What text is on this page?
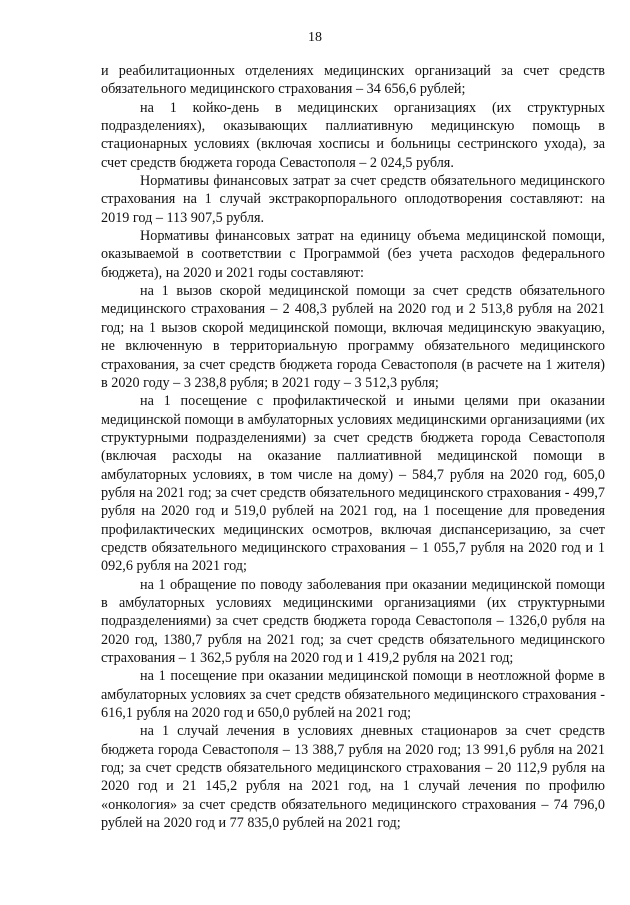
18

и реабилитационных отделениях медицинских организаций за счет средств обязательного медицинского страхования – 34 656,6 рублей;

на 1 койко-день в медицинских организациях (их структурных подразделениях), оказывающих паллиативную медицинскую помощь в стационарных условиях (включая хосписы и больницы сестринского ухода), за счет средств бюджета города Севастополя – 2 024,5 рубля.

Нормативы финансовых затрат за счет средств обязательного медицинского страхования на 1 случай экстракорпорального оплодотворения составляют: на 2019 год – 113 907,5 рубля.

Нормативы финансовых затрат на единицу объема медицинской помощи, оказываемой в соответствии с Программой (без учета расходов федерального бюджета), на 2020 и 2021 годы составляют:

на 1 вызов скорой медицинской помощи за счет средств обязательного медицинского страхования – 2 408,3 рублей на 2020 год и 2 513,8 рубля на 2021 год; на 1 вызов скорой медицинской помощи, включая медицинскую эвакуацию, не включенную в территориальную программу обязательного медицинского страхования, за счет средств бюджета города Севастополя (в расчете на 1 жителя) в 2020 году – 3 238,8 рубля; в 2021 году – 3 512,3 рубля;

на 1 посещение с профилактической и иными целями при оказании медицинской помощи в амбулаторных условиях медицинскими организациями (их структурными подразделениями) за счет средств бюджета города Севастополя (включая расходы на оказание паллиативной медицинской помощи в амбулаторных условиях, в том числе на дому) – 584,7 рубля на 2020 год, 605,0 рубля на 2021 год; за счет средств обязательного медицинского страхования - 499,7 рубля на 2020 год и 519,0 рублей на 2021 год, на 1 посещение для проведения профилактических медицинских осмотров, включая диспансеризацию, за счет средств обязательного медицинского страхования – 1 055,7 рубля на 2020 год и 1 092,6 рубля на 2021 год;

на 1 обращение по поводу заболевания при оказании медицинской помощи в амбулаторных условиях медицинскими организациями (их структурными подразделениями) за счет средств бюджета города Севастополя – 1326,0 рубля на 2020 год, 1380,7 рубля на 2021 год; за счет средств обязательного медицинского страхования – 1 362,5 рубля на 2020 год и 1 419,2 рубля на 2021 год;

на 1 посещение при оказании медицинской помощи в неотложной форме в амбулаторных условиях за счет средств обязательного медицинского страхования - 616,1 рубля на 2020 год и 650,0 рублей на 2021 год;

на 1 случай лечения в условиях дневных стационаров за счет средств бюджета города Севастополя – 13 388,7 рубля на 2020 год; 13 991,6 рубля на 2021 год; за счет средств обязательного медицинского страхования – 20 112,9 рубля на 2020 год и 21 145,2 рубля на 2021 год, на 1 случай лечения по профилю «онкология» за счет средств обязательного медицинского страхования – 74 796,0 рублей на 2020 год и 77 835,0 рублей на 2021 год;
